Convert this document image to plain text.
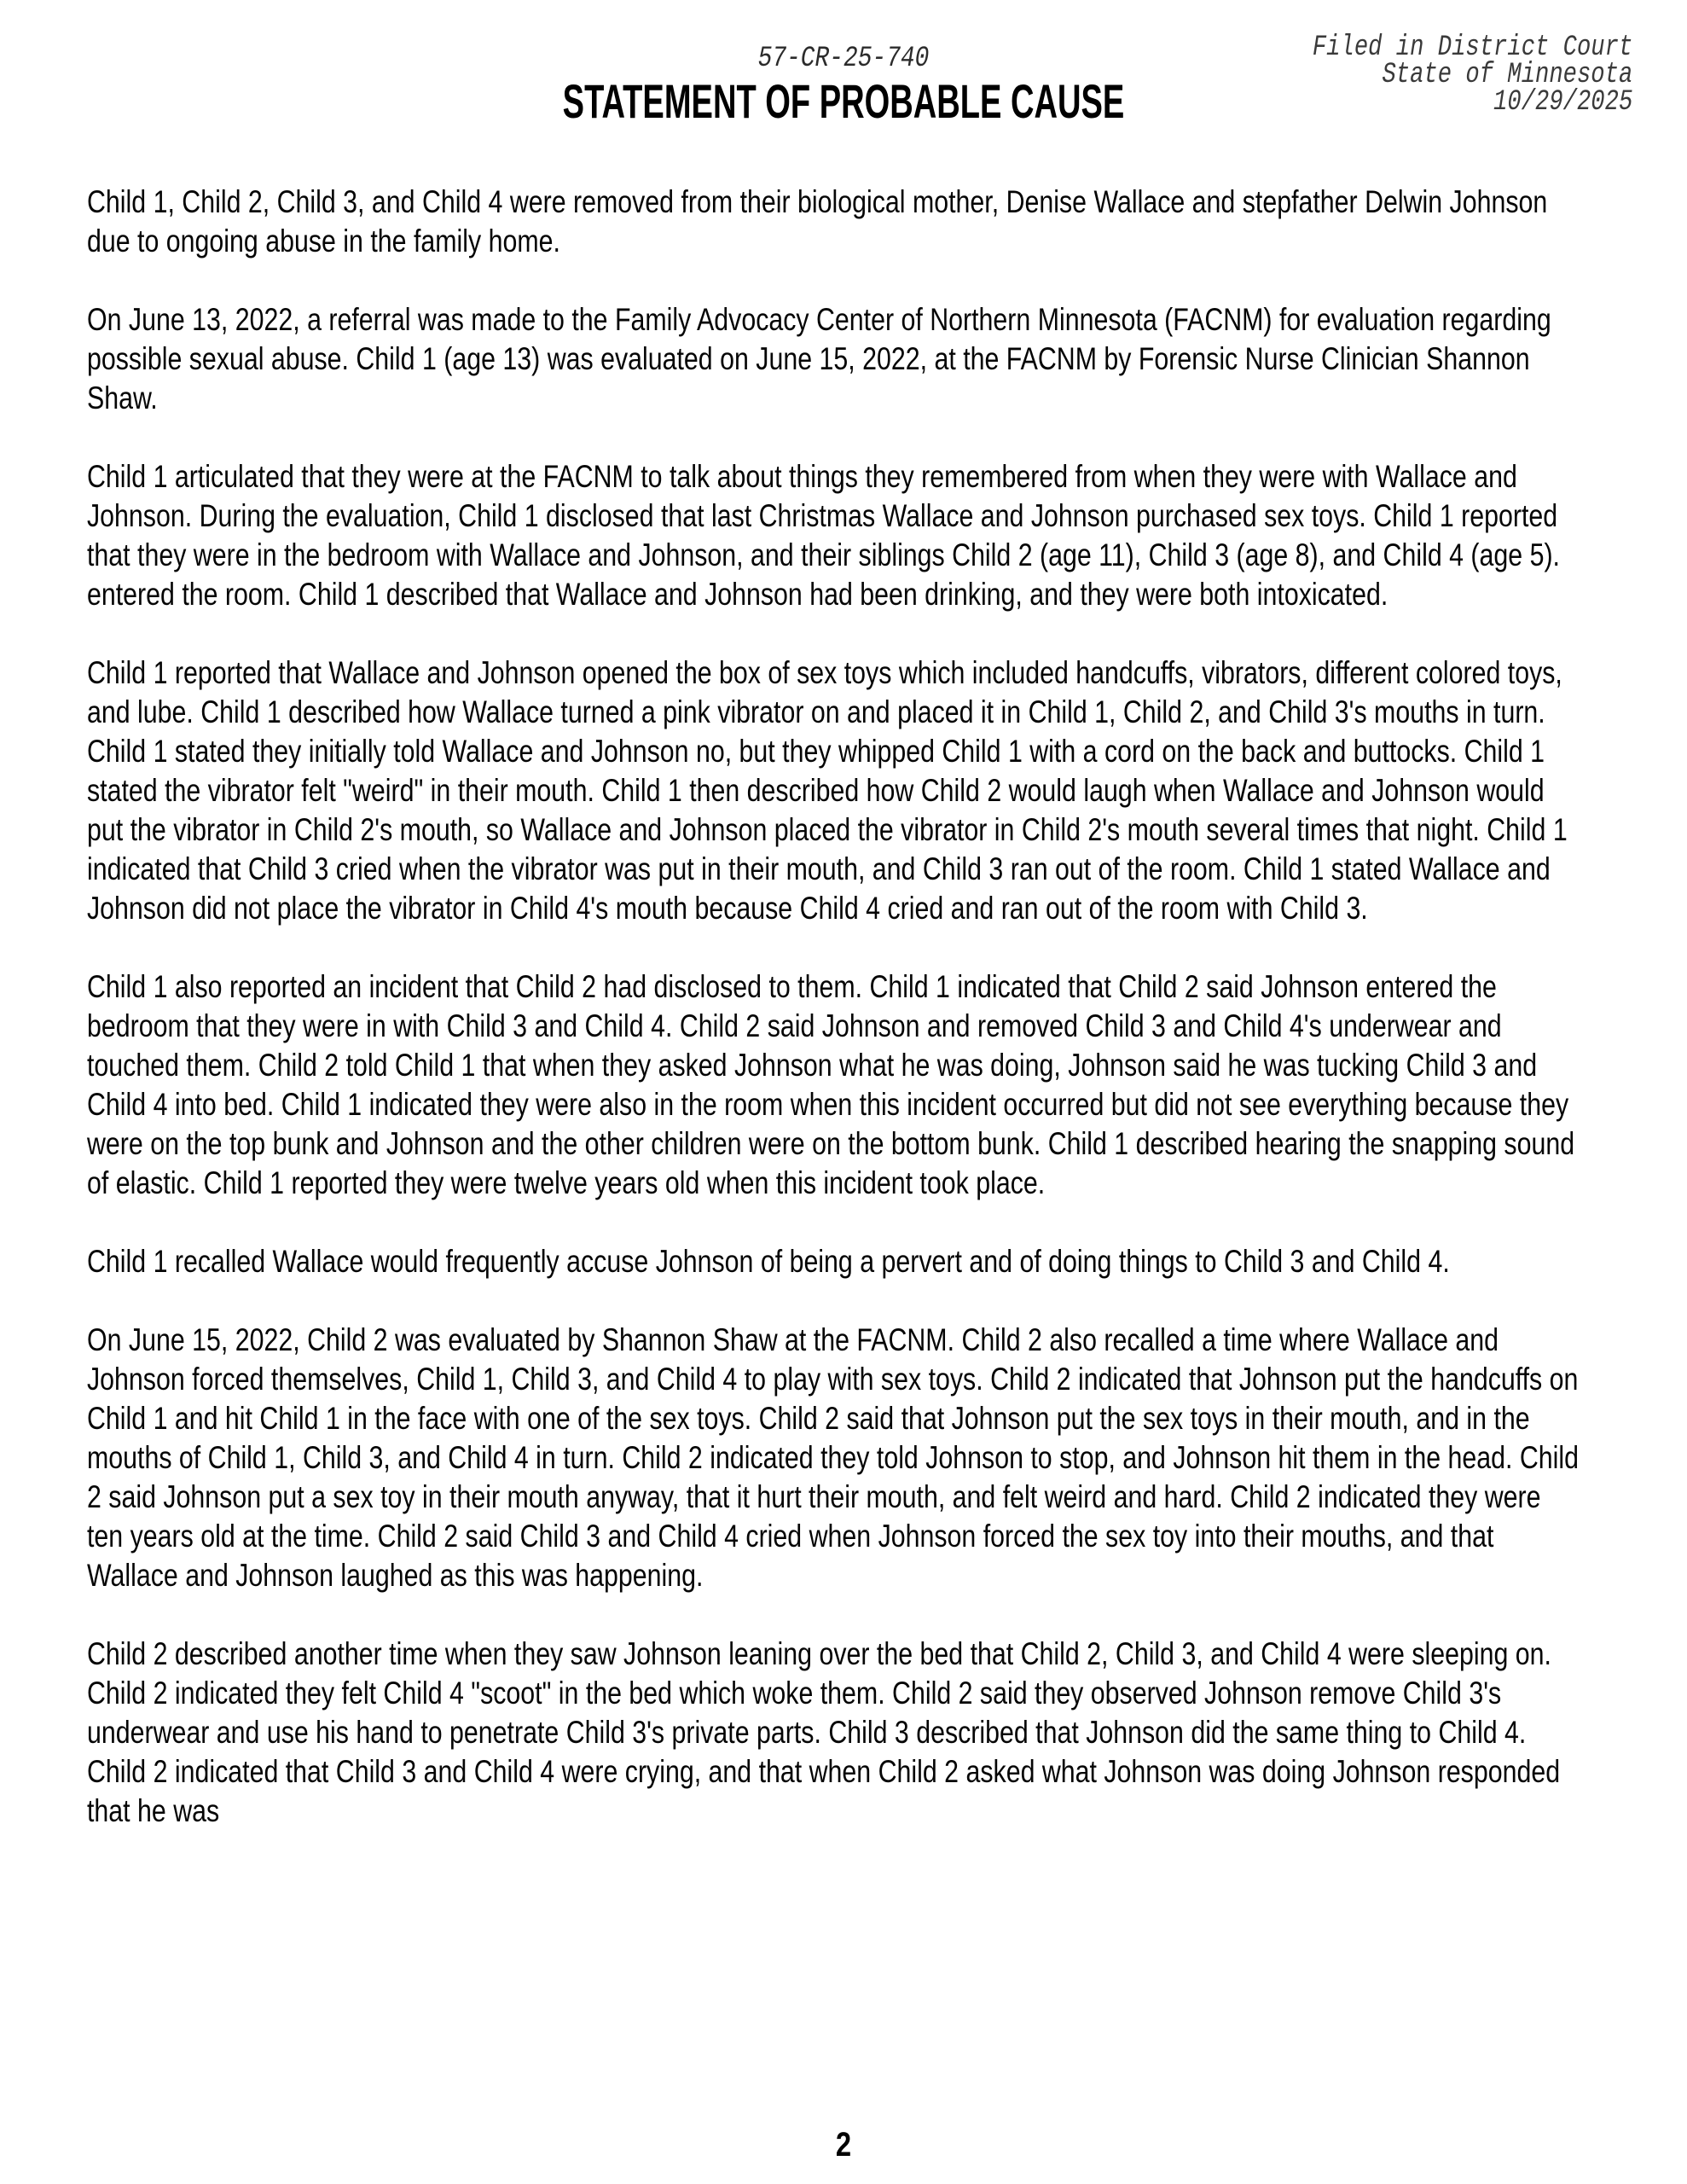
57-CR-25-740
STATEMENT OF PROBABLE CAUSE
Filed in District Court
State of Minnesota
10/29/2025

Child 1, Child 2, Child 3, and Child 4 were removed from their biological mother, Denise Wallace and stepfather Delwin Johnson due to ongoing abuse in the family home.

On June 13, 2022, a referral was made to the Family Advocacy Center of Northern Minnesota (FACNM) for evaluation regarding possible sexual abuse. Child 1 (age 13) was evaluated on June 15, 2022, at the FACNM by Forensic Nurse Clinician Shannon Shaw.

Child 1 articulated that they were at the FACNM to talk about things they remembered from when they were with Wallace and Johnson. During the evaluation, Child 1 disclosed that last Christmas Wallace and Johnson purchased sex toys. Child 1 reported that they were in the bedroom with Wallace and Johnson, and their siblings Child 2 (age 11), Child 3 (age 8), and Child 4 (age 5). entered the room. Child 1 described that Wallace and Johnson had been drinking, and they were both intoxicated.

Child 1 reported that Wallace and Johnson opened the box of sex toys which included handcuffs, vibrators, different colored toys, and lube. Child 1 described how Wallace turned a pink vibrator on and placed it in Child 1, Child 2, and Child 3's mouths in turn. Child 1 stated they initially told Wallace and Johnson no, but they whipped Child 1 with a cord on the back and buttocks. Child 1 stated the vibrator felt "weird" in their mouth. Child 1 then described how Child 2 would laugh when Wallace and Johnson would put the vibrator in Child 2's mouth, so Wallace and Johnson placed the vibrator in Child 2's mouth several times that night. Child 1 indicated that Child 3 cried when the vibrator was put in their mouth, and Child 3 ran out of the room. Child 1 stated Wallace and Johnson did not place the vibrator in Child 4's mouth because Child 4 cried and ran out of the room with Child 3.

Child 1 also reported an incident that Child 2 had disclosed to them. Child 1 indicated that Child 2 said Johnson entered the bedroom that they were in with Child 3 and Child 4. Child 2 said Johnson and removed Child 3 and Child 4's underwear and touched them. Child 2 told Child 1 that when they asked Johnson what he was doing, Johnson said he was tucking Child 3 and Child 4 into bed. Child 1 indicated they were also in the room when this incident occurred but did not see everything because they were on the top bunk and Johnson and the other children were on the bottom bunk. Child 1 described hearing the snapping sound of elastic. Child 1 reported they were twelve years old when this incident took place.

Child 1 recalled Wallace would frequently accuse Johnson of being a pervert and of doing things to Child 3 and Child 4.

On June 15, 2022, Child 2 was evaluated by Shannon Shaw at the FACNM. Child 2 also recalled a time where Wallace and Johnson forced themselves, Child 1, Child 3, and Child 4 to play with sex toys. Child 2 indicated that Johnson put the handcuffs on Child 1 and hit Child 1 in the face with one of the sex toys. Child 2 said that Johnson put the sex toys in their mouth, and in the mouths of Child 1, Child 3, and Child 4 in turn. Child 2 indicated they told Johnson to stop, and Johnson hit them in the head. Child 2 said Johnson put a sex toy in their mouth anyway, that it hurt their mouth, and felt weird and hard. Child 2 indicated they were ten years old at the time. Child 2 said Child 3 and Child 4 cried when Johnson forced the sex toy into their mouths, and that Wallace and Johnson laughed as this was happening.

Child 2 described another time when they saw Johnson leaning over the bed that Child 2, Child 3, and Child 4 were sleeping on. Child 2 indicated they felt Child 4 "scoot" in the bed which woke them. Child 2 said they observed Johnson remove Child 3's underwear and use his hand to penetrate Child 3's private parts. Child 3 described that Johnson did the same thing to Child 4. Child 2 indicated that Child 3 and Child 4 were crying, and that when Child 2 asked what Johnson was doing Johnson responded that he was

2
